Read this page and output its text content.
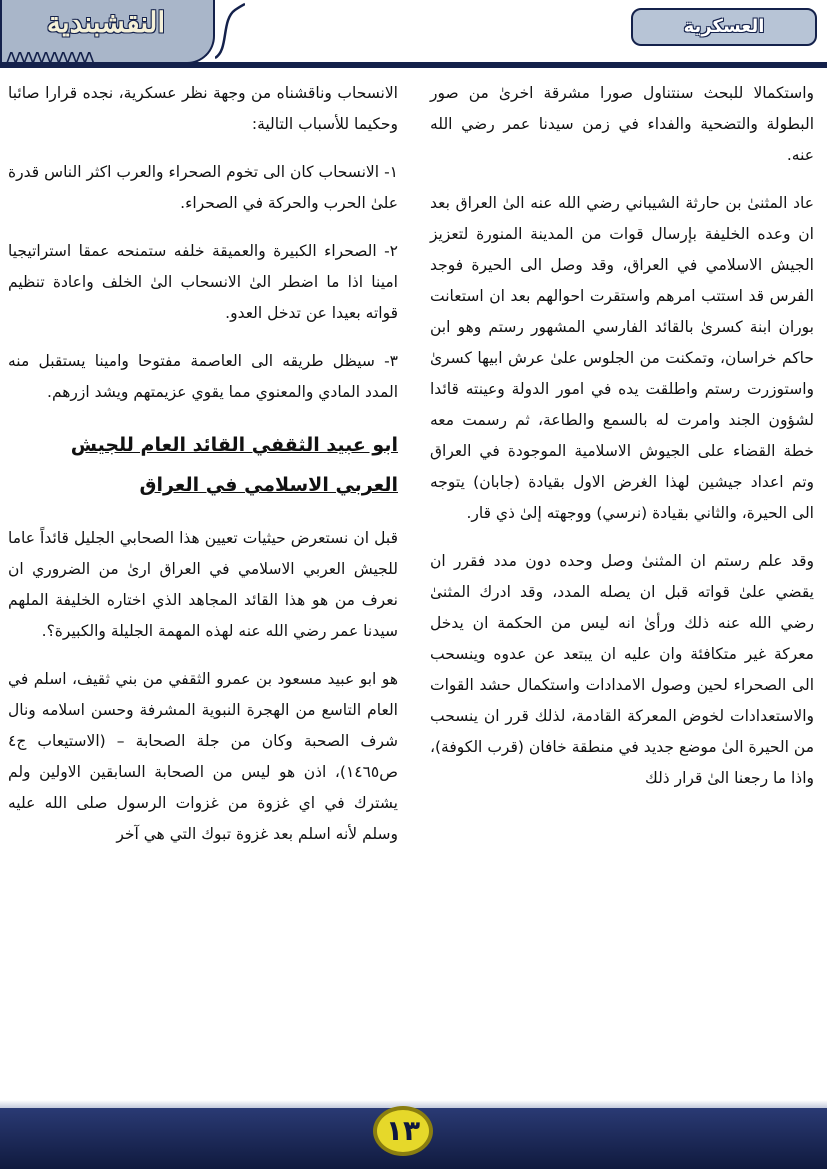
النقشبندية
ᴧᴧᴧᴧᴧᴧᴧᴧᴧᴧ
العسكرية

واستكمالا للبحث سنتناول صورا مشرقة اخرىٰ من صور البطولة والتضحية والفداء في زمن سيدنا عمر رضي الله عنه.

عاد المثنىٰ بن حارثة الشيباني رضي الله عنه الىٰ العراق بعد ان وعده الخليفة بإرسال قوات من المدينة المنورة لتعزيز الجيش الاسلامي في العراق، وقد وصل الى الحيرة فوجد الفرس قد استتب امرهم واستقرت احوالهم بعد ان استعانت بوران ابنة كسرىٰ بالقائد الفارسي المشهور رستم وهو ابن حاكم خراسان، وتمكنت من الجلوس علىٰ عرش ابيها كسرىٰ واستوزرت رستم واطلقت يده في امور الدولة وعينته قائدا لشؤون الجند وامرت له بالسمع والطاعة، ثم رسمت معه خطة القضاء على الجيوش الاسلامية الموجودة في العراق وتم اعداد جيشين لهذا الغرض الاول بقيادة (جابان) يتوجه الى الحيرة، والثاني بقيادة (نرسي) ووجهته إلىٰ ذي قار.

وقد علم رستم ان المثنىٰ وصل وحده دون مدد فقرر ان يقضي علىٰ قواته قبل ان يصله المدد، وقد ادرك المثنىٰ رضي الله عنه ذلك ورأىٰ انه ليس من الحكمة ان يدخل معركة غير متكافئة وان عليه ان يبتعد عن عدوه وينسحب الى الصحراء لحين وصول الامدادات واستكمال حشد القوات والاستعدادات لخوض المعركة القادمة، لذلك قرر ان ينسحب من الحيرة الىٰ موضع جديد في منطقة خافان (قرب الكوفة)، واذا ما رجعنا الىٰ قرار ذلك

الانسحاب وناقشناه من وجهة نظر عسكرية، نجده قرارا صائبا وحكيما للأسباب التالية:

١- الانسحاب كان الى تخوم الصحراء والعرب اكثر الناس قدرة علىٰ الحرب والحركة في الصحراء.

٢- الصحراء الكبيرة والعميقة خلفه ستمنحه عمقا استراتيجيا امينا اذا ما اضطر الىٰ الانسحاب الىٰ الخلف واعادة تنظيم قواته بعيدا عن تدخل العدو.

٣- سيظل طريقه الى العاصمة مفتوحا وامينا يستقبل منه المدد المادي والمعنوي مما يقوي عزيمتهم ويشد ازرهم.

ابو عبيد الثقفي القائد العام للجيش العربي الاسلامي في العراق

قبل ان نستعرض حيثيات تعيين هذا الصحابي الجليل قائداً عاما للجيش العربي الاسلامي في العراق ارىٰ من الضروري ان نعرف من هو هذا القائد المجاهد الذي اختاره الخليفة الملهم سيدنا عمر رضي الله عنه لهذه المهمة الجليلة والكبيرة؟.

هو ابو عبيد مسعود بن عمرو الثقفي من بني ثقيف، اسلم في العام التاسع من الهجرة النبوية المشرفة وحسن اسلامه ونال شرف الصحبة وكان من جلة الصحابة – (الاستيعاب ج٤ ص١٤٦٥)، اذن هو ليس من الصحابة السابقين الاولين ولم يشترك في اي غزوة من غزوات الرسول صلى الله عليه وسلم لأنه اسلم بعد غزوة تبوك التي هي آخر

١٣
